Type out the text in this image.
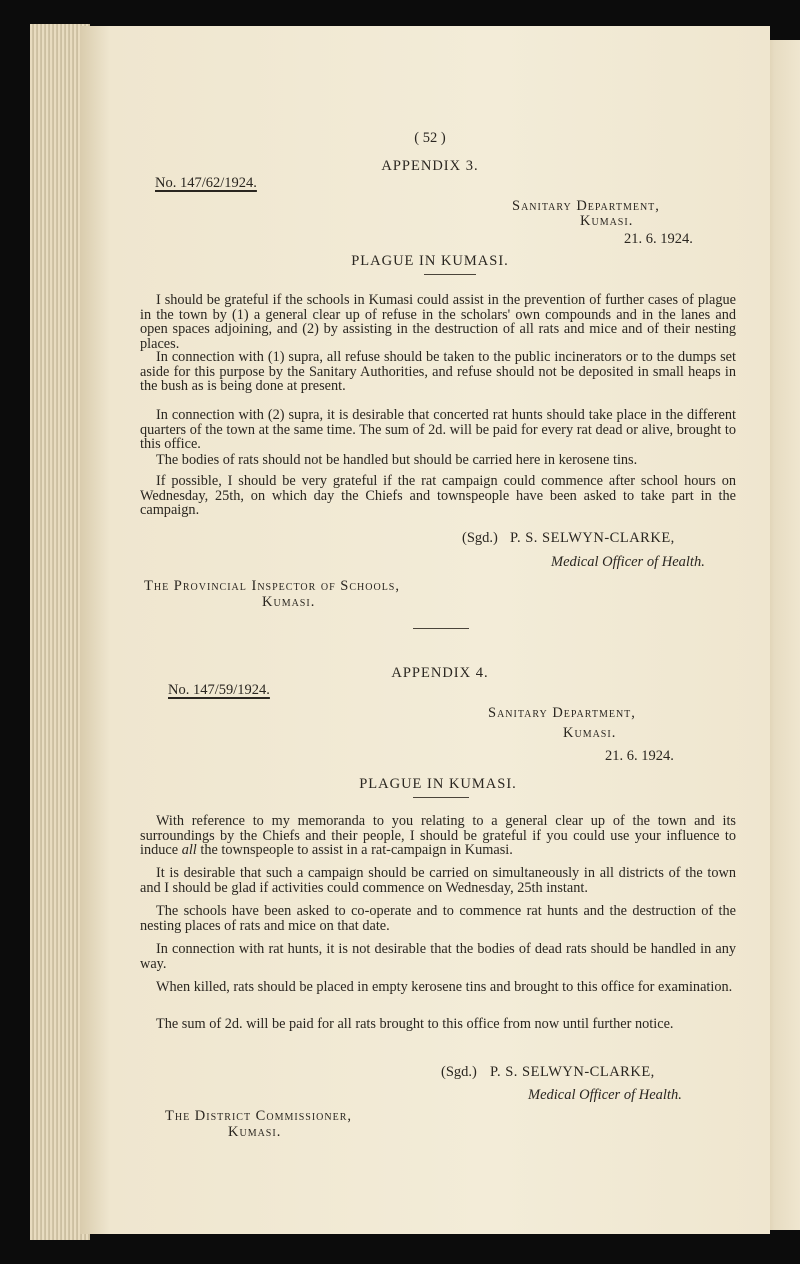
( 52 )
APPENDIX 3.
No. 147/62/1924.
Sanitary Department,
Kumasi.
21. 6. 1924.
PLAGUE IN KUMASI.

I should be grateful if the schools in Kumasi could assist in the prevention of further cases of plague in the town by (1) a general clear up of refuse in the scholars' own compounds and in the lanes and open spaces adjoining, and (2) by assisting in the destruction of all rats and mice and of their nesting places.

In connection with (1) supra, all refuse should be taken to the public incinerators or to the dumps set aside for this purpose by the Sanitary Authorities, and refuse should not be deposited in small heaps in the bush as is being done at present.

In connection with (2) supra, it is desirable that concerted rat hunts should take place in the different quarters of the town at the same time. The sum of 2d. will be paid for every rat dead or alive, brought to this office.

The bodies of rats should not be handled but should be carried here in kerosene tins.

If possible, I should be very grateful if the rat campaign could commence after school hours on Wednesday, 25th, on which day the Chiefs and townspeople have been asked to take part in the campaign.

(Sgd.) P. S. SELWYN-CLARKE,
Medical Officer of Health.
The Provincial Inspector of Schools,
Kumasi.
APPENDIX 4.
No. 147/59/1924.
Sanitary Department,
Kumasi.
21. 6. 1924.
PLAGUE IN KUMASI.

With reference to my memoranda to you relating to a general clear up of the town and its surroundings by the Chiefs and their people, I should be grateful if you could use your influence to induce all the townspeople to assist in a rat-campaign in Kumasi.

It is desirable that such a campaign should be carried on simultaneously in all districts of the town and I should be glad if activities could commence on Wednesday, 25th instant.

The schools have been asked to co-operate and to commence rat hunts and the destruction of the nesting places of rats and mice on that date.

In connection with rat hunts, it is not desirable that the bodies of dead rats should be handled in any way.

When killed, rats should be placed in empty kerosene tins and brought to this office for examination.

The sum of 2d. will be paid for all rats brought to this office from now until further notice.

(Sgd.) P. S. SELWYN-CLARKE,
Medical Officer of Health.
The District Commissioner,
Kumasi.
